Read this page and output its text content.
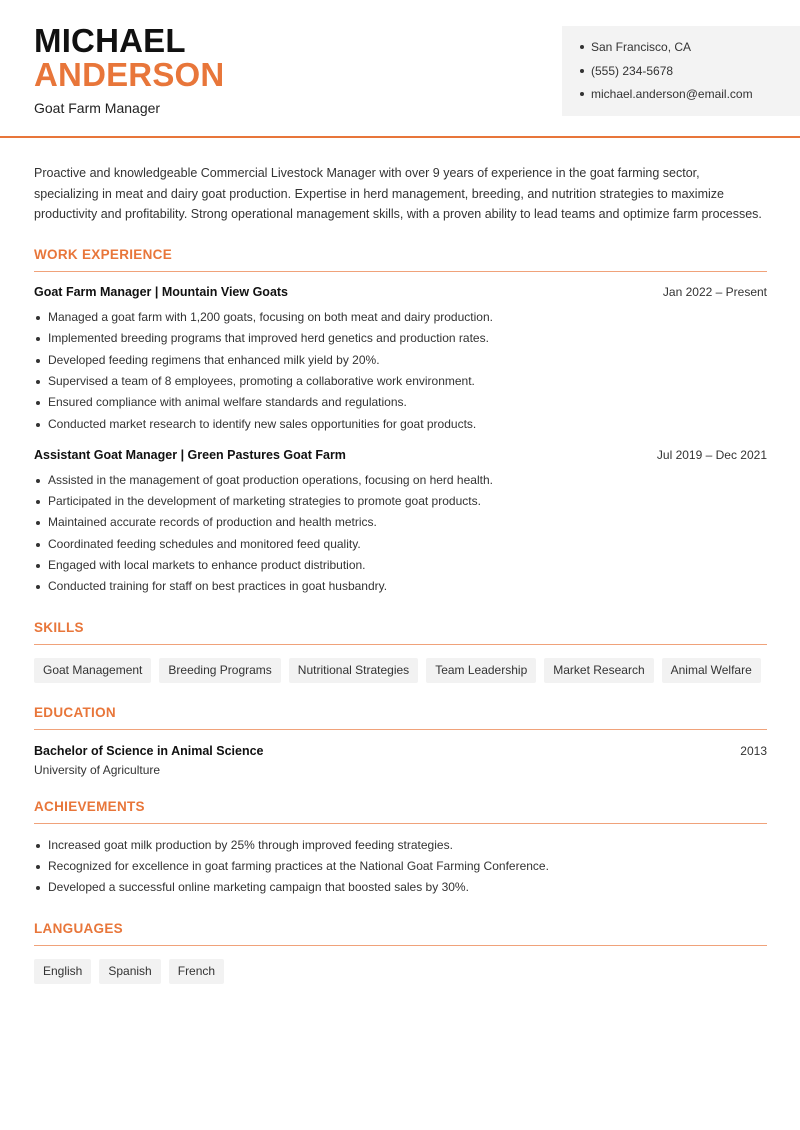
MICHAEL
ANDERSON
Goat Farm Manager
San Francisco, CA
(555) 234-5678
michael.anderson@email.com

Proactive and knowledgeable Commercial Livestock Manager with over 9 years of experience in the goat farming sector, specializing in meat and dairy goat production. Expertise in herd management, breeding, and nutrition strategies to maximize productivity and profitability. Strong operational management skills, with a proven ability to lead teams and optimize farm processes.

WORK EXPERIENCE
Goat Farm Manager | Mountain View Goats	Jan 2022 – Present
Managed a goat farm with 1,200 goats, focusing on both meat and dairy production.
Implemented breeding programs that improved herd genetics and production rates.
Developed feeding regimens that enhanced milk yield by 20%.
Supervised a team of 8 employees, promoting a collaborative work environment.
Ensured compliance with animal welfare standards and regulations.
Conducted market research to identify new sales opportunities for goat products.
Assistant Goat Manager | Green Pastures Goat Farm	Jul 2019 – Dec 2021
Assisted in the management of goat production operations, focusing on herd health.
Participated in the development of marketing strategies to promote goat products.
Maintained accurate records of production and health metrics.
Coordinated feeding schedules and monitored feed quality.
Engaged with local markets to enhance product distribution.
Conducted training for staff on best practices in goat husbandry.
SKILLS
Goat Management	Breeding Programs	Nutritional Strategies	Team Leadership	Market Research	Animal Welfare
EDUCATION
Bachelor of Science in Animal Science	2013
University of Agriculture
ACHIEVEMENTS
Increased goat milk production by 25% through improved feeding strategies.
Recognized for excellence in goat farming practices at the National Goat Farming Conference.
Developed a successful online marketing campaign that boosted sales by 30%.
LANGUAGES
English	Spanish	French
